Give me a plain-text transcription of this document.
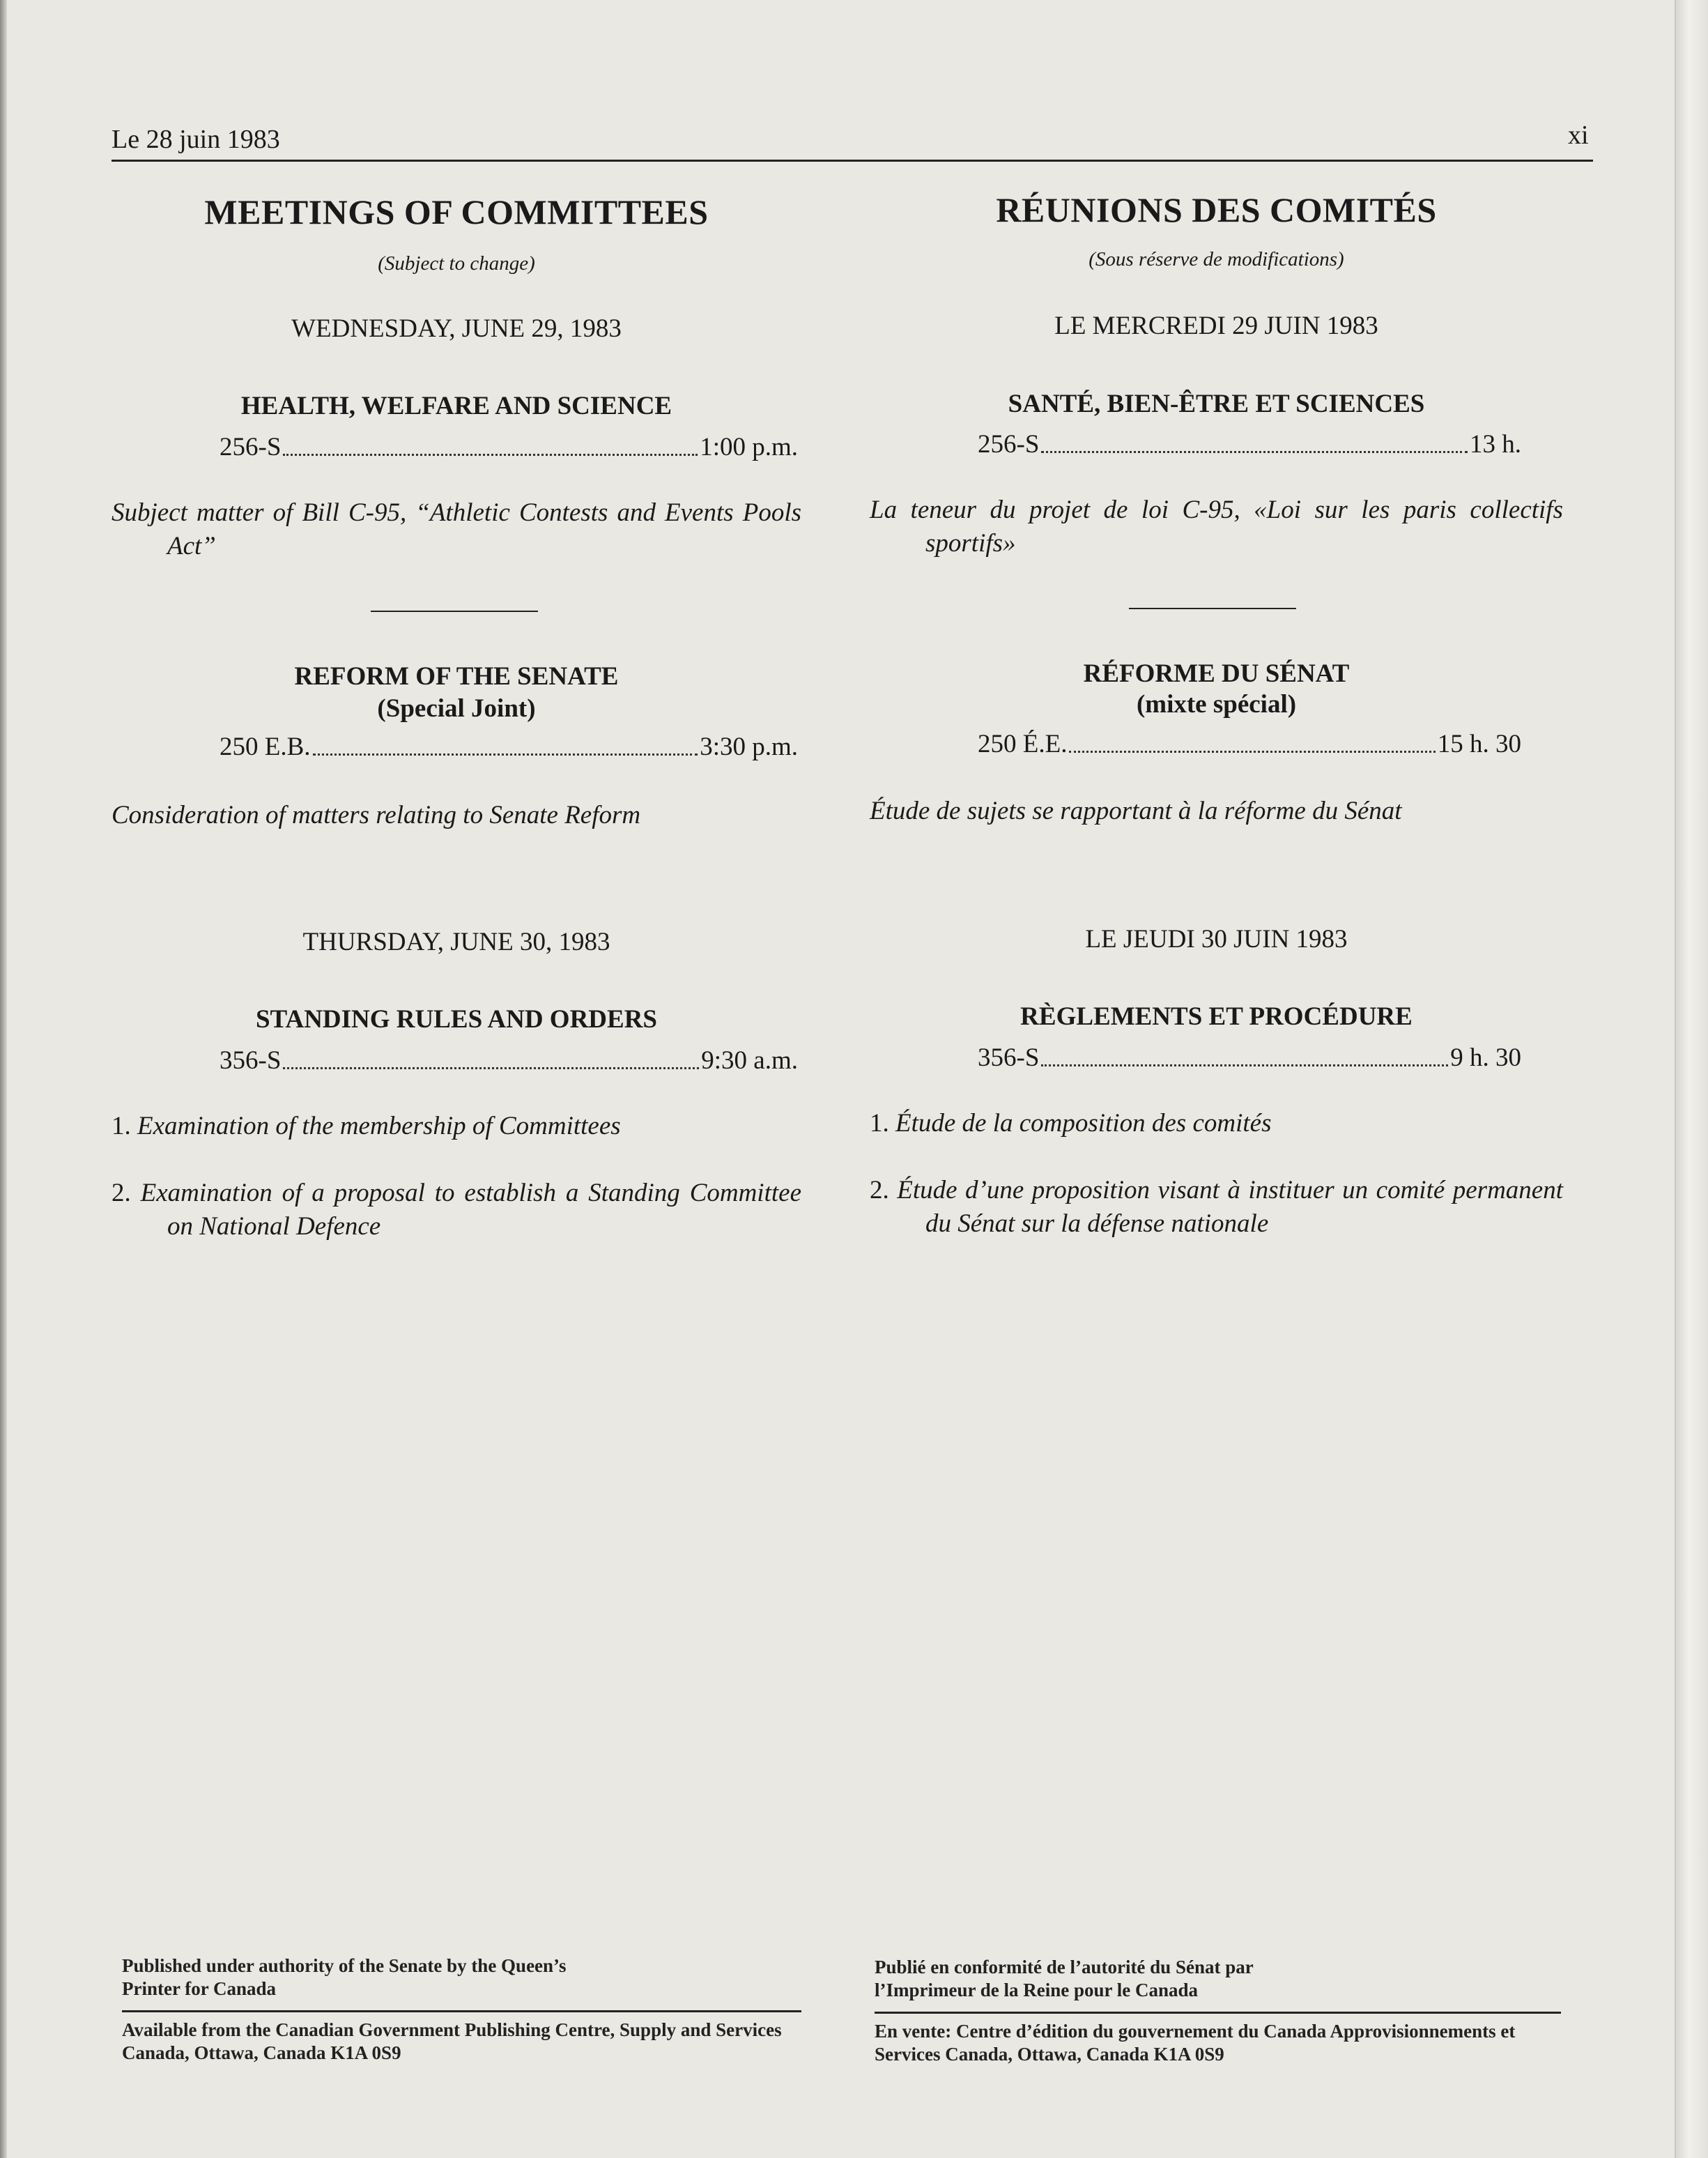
Le 28 juin 1983	xi
MEETINGS OF COMMITTEES
(Subject to change)
WEDNESDAY, JUNE 29, 1983
HEALTH, WELFARE AND SCIENCE
256-S	1:00 p.m.
Subject matter of Bill C-95, “Athletic Contests and Events Pools Act”
REFORM OF THE SENATE
(Special Joint)
250 E.B.	3:30 p.m.
Consideration of matters relating to Senate Reform
THURSDAY, JUNE 30, 1983
STANDING RULES AND ORDERS
356-S	9:30 a.m.
1. Examination of the membership of Committees
2. Examination of a proposal to establish a Standing Committee on National Defence
RÉUNIONS DES COMITÉS
(Sous réserve de modifications)
LE MERCREDI 29 JUIN 1983
SANTÉ, BIEN-ÊTRE ET SCIENCES
256-S	13 h.
La teneur du projet de loi C-95, «Loi sur les paris collectifs sportifs»
RÉFORME DU SÉNAT
(mixte spécial)
250 É.E.	15 h. 30
Étude de sujets se rapportant à la réforme du Sénat
LE JEUDI 30 JUIN 1983
RÈGLEMENTS ET PROCÉDURE
356-S	9 h. 30
1. Étude de la composition des comités
2. Étude d’une proposition visant à instituer un comité permanent du Sénat sur la défense nationale
Published under authority of the Senate by the Queen’s Printer for Canada
Available from the Canadian Government Publishing Centre, Supply and Services Canada, Ottawa, Canada K1A 0S9
Publié en conformité de l’autorité du Sénat par l’Imprimeur de la Reine pour le Canada
En vente: Centre d’édition du gouvernement du Canada Approvisionnements et Services Canada, Ottawa, Canada K1A 0S9
